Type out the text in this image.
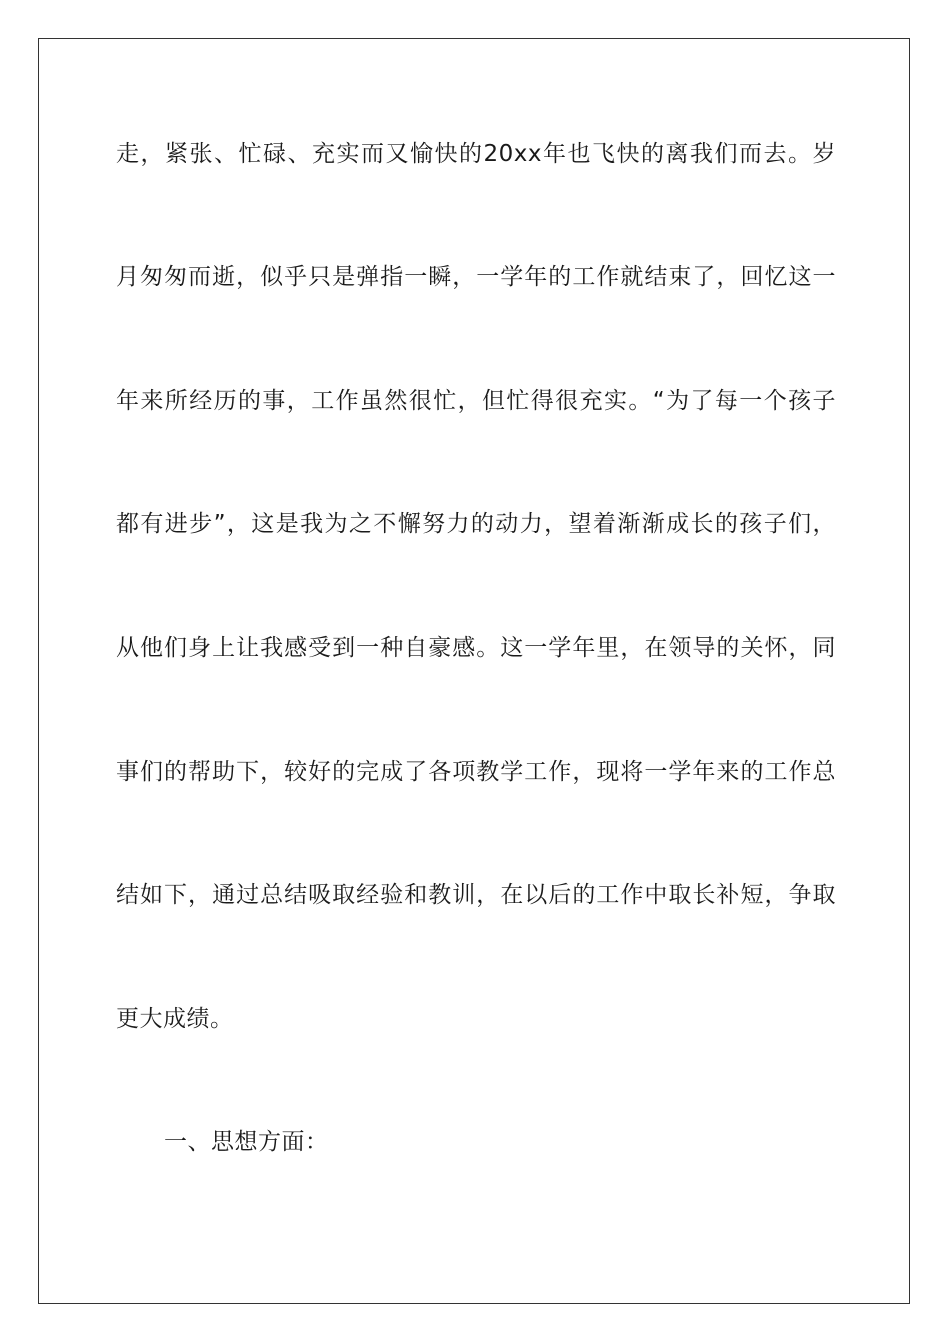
走，紧张、忙碌、充实而又愉快的20xx年也飞快的离我们而去。岁
月匆匆而逝，似乎只是弹指一瞬，一学年的工作就结束了，回忆这一
年来所经历的事，工作虽然很忙，但忙得很充实。“为了每一个孩子
都有进步”，这是我为之不懈努力的动力，望着渐渐成长的孩子们，
从他们身上让我感受到一种自豪感。这一学年里，在领导的关怀，同
事们的帮助下，较好的完成了各项教学工作，现将一学年来的工作总
结如下，通过总结吸取经验和教训，在以后的工作中取长补短，争取
更大成绩。
一、思想方面：
